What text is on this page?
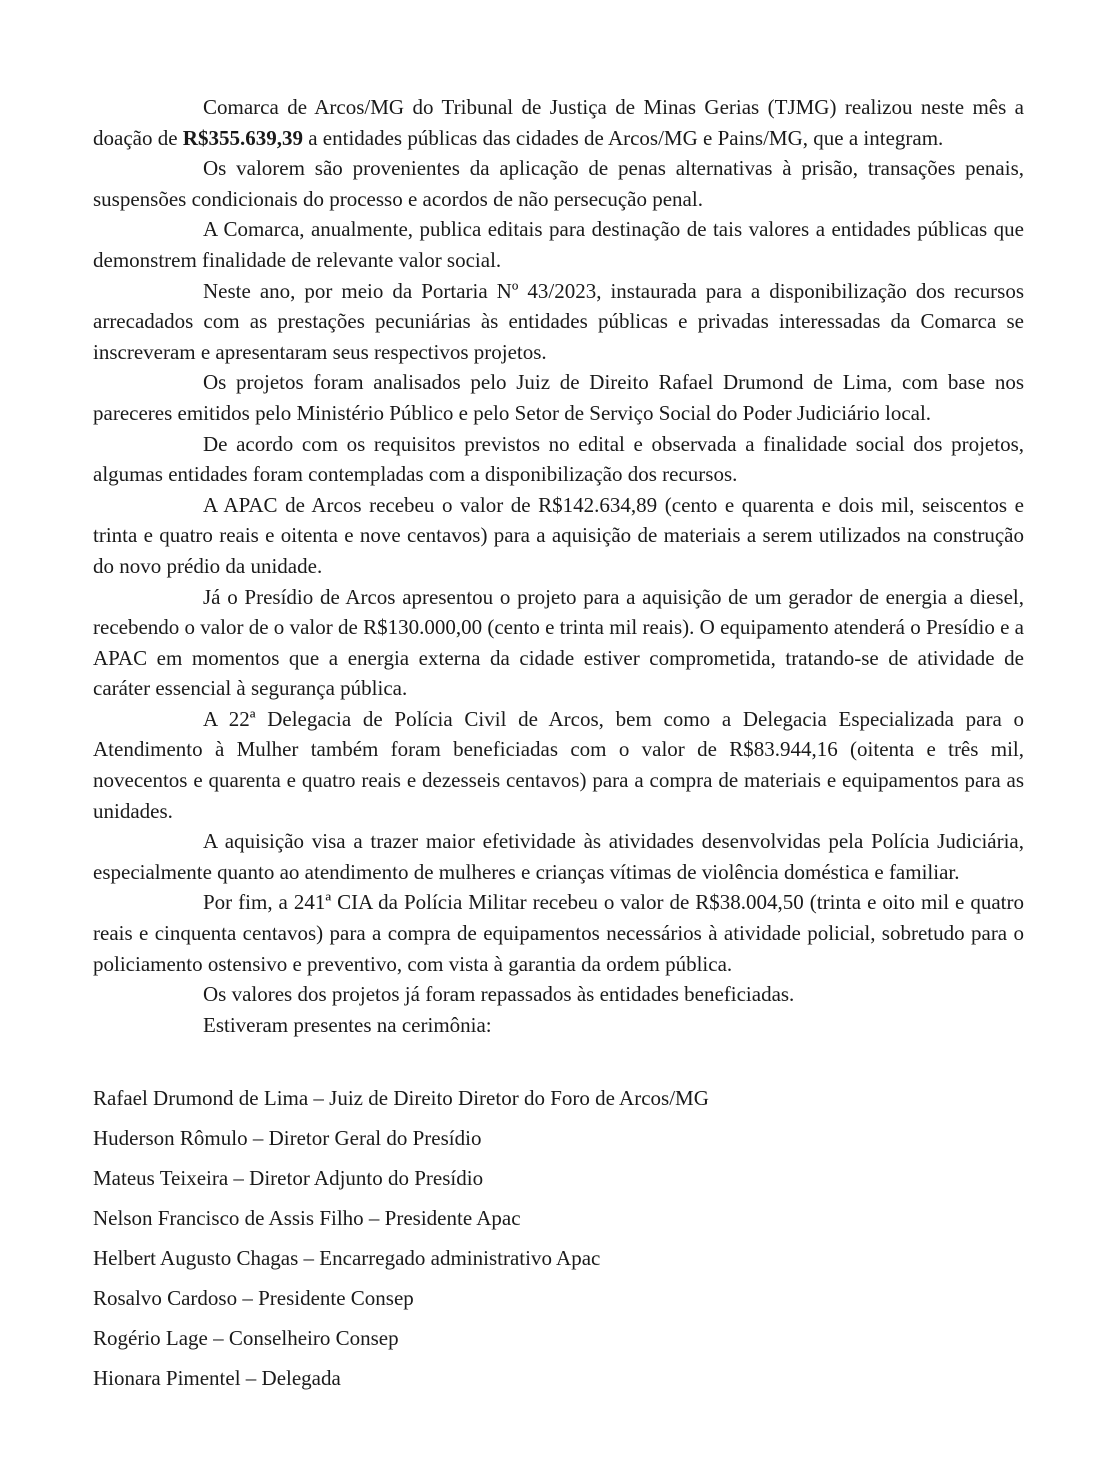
Comarca de Arcos/MG do Tribunal de Justiça de Minas Gerias (TJMG) realizou neste mês a doação de R$355.639,39 a entidades públicas das cidades de Arcos/MG e Pains/MG, que a integram.

Os valorem são provenientes da aplicação de penas alternativas à prisão, transações penais, suspensões condicionais do processo e acordos de não persecução penal.

A Comarca, anualmente, publica editais para destinação de tais valores a entidades públicas que demonstrem finalidade de relevante valor social.

Neste ano, por meio da Portaria Nº 43/2023, instaurada para a disponibilização dos recursos arrecadados com as prestações pecuniárias às entidades públicas e privadas interessadas da Comarca se inscreveram e apresentaram seus respectivos projetos.

Os projetos foram analisados pelo Juiz de Direito Rafael Drumond de Lima, com base nos pareceres emitidos pelo Ministério Público e pelo Setor de Serviço Social do Poder Judiciário local.

De acordo com os requisitos previstos no edital e observada a finalidade social dos projetos, algumas entidades foram contempladas com a disponibilização dos recursos.

A APAC de Arcos recebeu o valor de R$142.634,89 (cento e quarenta e dois mil, seiscentos e trinta e quatro reais e oitenta e nove centavos) para a aquisição de materiais a serem utilizados na construção do novo prédio da unidade.

Já o Presídio de Arcos apresentou o projeto para a aquisição de um gerador de energia a diesel, recebendo o valor de o valor de R$130.000,00 (cento e trinta mil reais). O equipamento atenderá o Presídio e a APAC em momentos que a energia externa da cidade estiver comprometida, tratando-se de atividade de caráter essencial à segurança pública.

A 22ª Delegacia de Polícia Civil de Arcos, bem como a Delegacia Especializada para o Atendimento à Mulher também foram beneficiadas com o valor de R$83.944,16 (oitenta e três mil, novecentos e quarenta e quatro reais e dezesseis centavos) para a compra de materiais e equipamentos para as unidades.

A aquisição visa a trazer maior efetividade às atividades desenvolvidas pela Polícia Judiciária, especialmente quanto ao atendimento de mulheres e crianças vítimas de violência doméstica e familiar.

Por fim, a 241ª CIA da Polícia Militar recebeu o valor de R$38.004,50 (trinta e oito mil e quatro reais e cinquenta centavos) para a compra de equipamentos necessários à atividade policial, sobretudo para o policiamento ostensivo e preventivo, com vista à garantia da ordem pública.

Os valores dos projetos já foram repassados às entidades beneficiadas.

Estiveram presentes na cerimônia:

Rafael Drumond de Lima – Juiz de Direito Diretor do Foro de Arcos/MG
Huderson Rômulo – Diretor Geral do Presídio
Mateus Teixeira – Diretor Adjunto do Presídio
Nelson Francisco de Assis Filho – Presidente Apac
Helbert Augusto Chagas – Encarregado administrativo Apac
Rosalvo Cardoso – Presidente Consep
Rogério Lage – Conselheiro Consep
Hionara Pimentel – Delegada
